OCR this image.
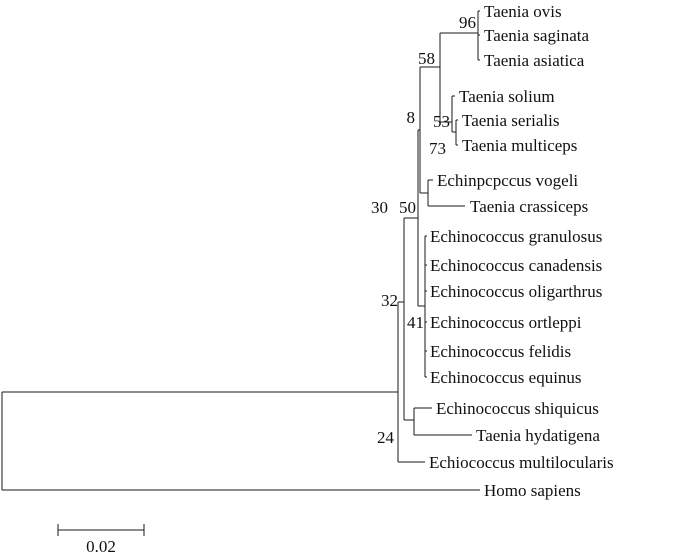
Taenia ovis
Taenia saginata
Taenia asiatica
Taenia solium
Taenia serialis
Taenia multiceps
Echinpcpccus vogeli
Taenia crassiceps
Echinococcus granulosus
Echinococcus canadensis
Echinococcus oligarthrus
Echinococcus ortleppi
Echinococcus felidis
Echinococcus equinus
Echinococcus shiquicus
Taenia hydatigena
Echiococcus multilocularis
Homo sapiens
96
58
8 53
73
30 50
32
41
24
0.02
